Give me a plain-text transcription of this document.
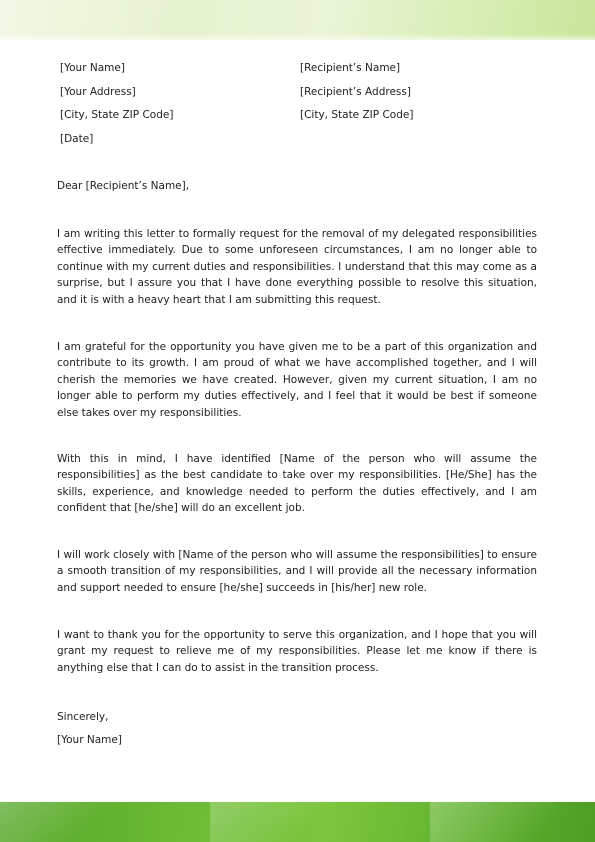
[Your Name]
[Your Address]
[City, State ZIP Code]
[Date]
[Recipient’s Name]
[Recipient’s Address]
[City, State ZIP Code]
Dear [Recipient’s Name],

I am writing this letter to formally request for the removal of my delegated responsibilities effective immediately. Due to some unforeseen circumstances, I am no longer able to continue with my current duties and responsibilities. I understand that this may come as a surprise, but I assure you that I have done everything possible to resolve this situation, and it is with a heavy heart that I am submitting this request.

I am grateful for the opportunity you have given me to be a part of this organization and contribute to its growth. I am proud of what we have accomplished together, and I will cherish the memories we have created. However, given my current situation, I am no longer able to perform my duties effectively, and I feel that it would be best if someone else takes over my responsibilities.

With this in mind, I have identified [Name of the person who will assume the responsibilities] as the best candidate to take over my responsibilities. [He/She] has the skills, experience, and knowledge needed to perform the duties effectively, and I am confident that [he/she] will do an excellent job.

I will work closely with [Name of the person who will assume the responsibilities] to ensure a smooth transition of my responsibilities, and I will provide all the necessary information and support needed to ensure [he/she] succeeds in [his/her] new role.

I want to thank you for the opportunity to serve this organization, and I hope that you will grant my request to relieve me of my responsibilities. Please let me know if there is anything else that I can do to assist in the transition process.

Sincerely,
[Your Name]
